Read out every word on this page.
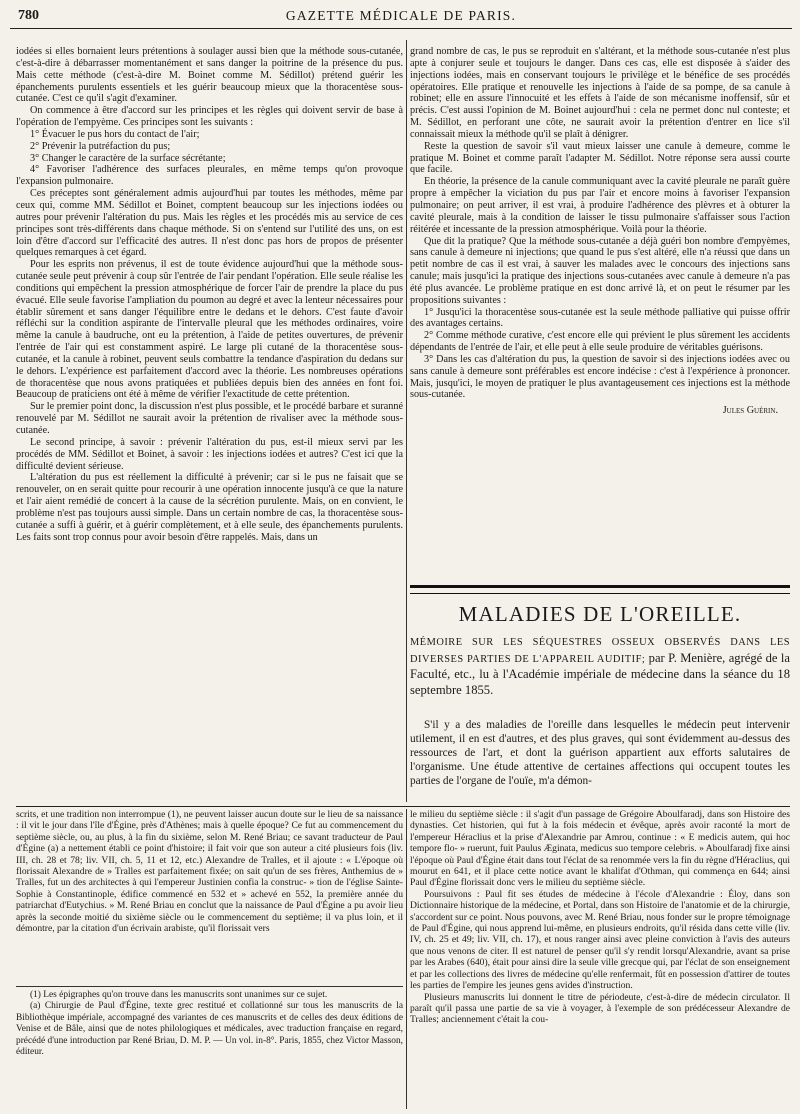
780	GAZETTE MÉDICALE DE PARIS.

iodées si elles bornaient leurs prétentions à soulager aussi bien que la méthode sous-cutanée, c'est-à-dire à débarrasser momentanément et sans danger la poitrine de la présence du pus. Mais cette méthode (c'est-à-dire M. Boinet comme M. Sédillot) prétend guérir les épanchements purulents essentiels et les guérir beaucoup mieux que la thoracentèse sous-cutanée. C'est ce qu'il s'agit d'examiner.

On commence à être d'accord sur les principes et les règles qui doivent servir de base à l'opération de l'empyème. Ces principes sont les suivants :

1° Évacuer le pus hors du contact de l'air;

2° Prévenir la putréfaction du pus;

3° Changer le caractère de la surface sécrétante;

4° Favoriser l'adhérence des surfaces pleurales, en même temps qu'on provoque l'expansion pulmonaire.

Ces préceptes sont généralement admis aujourd'hui par toutes les méthodes, même par ceux qui, comme MM. Sédillot et Boinet, comptent beaucoup sur les injections iodées ou autres pour prévenir l'altération du pus. Mais les règles et les procédés mis au service de ces principes sont très-différents dans chaque méthode. Si on s'entend sur l'utilité des uns, on est loin d'être d'accord sur l'efficacité des autres. Il n'est donc pas hors de propos de présenter quelques remarques à cet égard.

Pour les esprits non prévenus, il est de toute évidence aujourd'hui que la méthode sous-cutanée seule peut prévenir à coup sûr l'entrée de l'air pendant l'opération. Elle seule réalise les conditions qui empêchent la pression atmosphérique de forcer l'air de prendre la place du pus évacué. Elle seule favorise l'ampliation du poumon au degré et avec la lenteur nécessaires pour établir sûrement et sans danger l'équilibre entre le dedans et le dehors. C'est faute d'avoir réfléchi sur la condition aspirante de l'intervalle pleural que les méthodes ordinaires, voire même la canule à baudruche, ont eu la prétention, à l'aide de petites ouvertures, de prévenir l'entrée de l'air qui est constamment aspiré. Le large pli cutané de la thoracentèse sous-cutanée, et la canule à robinet, peuvent seuls combattre la tendance d'aspiration du dedans sur le dehors. L'expérience est parfaitement d'accord avec la théorie. Les nombreuses opérations de thoracentèse que nous avons pratiquées et publiées depuis bien des années en font foi. Beaucoup de praticiens ont été à même de vérifier l'exactitude de cette prétention.

Sur le premier point donc, la discussion n'est plus possible, et le procédé barbare et suranné renouvelé par M. Sédillot ne saurait avoir la prétention de rivaliser avec la méthode sous-cutanée.

Le second principe, à savoir : prévenir l'altération du pus, est-il mieux servi par les procédés de MM. Sédillot et Boinet, à savoir : les injections iodées et autres? C'est ici que la difficulté devient sérieuse.

L'altération du pus est réellement la difficulté à prévenir; car si le pus ne faisait que se renouveler, on en serait quitte pour recourir à une opération innocente jusqu'à ce que la nature et l'air aient remédié de concert à la cause de la sécrétion purulente. Mais, on en convient, le problème n'est pas toujours aussi simple. Dans un certain nombre de cas, la thoracentèse sous-cutanée a suffi à guérir, et à guérir complètement, et à elle seule, des épanchements purulents. Les faits sont trop connus pour avoir besoin d'être rappelés. Mais, dans un

grand nombre de cas, le pus se reproduit en s'altérant, et la méthode sous-cutanée n'est plus apte à conjurer seule et toujours le danger. Dans ces cas, elle est disposée à s'aider des injections iodées, mais en conservant toujours le privilège et le bénéfice de ses procédés opératoires. Elle pratique et renouvelle les injections à l'aide de sa pompe, de sa canule à robinet; elle en assure l'innocuité et les effets à l'aide de son mécanisme inoffensif, sûr et précis. C'est aussi l'opinion de M. Boinet aujourd'hui : cela ne permet donc nul conteste; et M. Sédillot, en perforant une côte, ne saurait avoir la prétention d'entrer en lice s'il connaissait mieux la méthode qu'il se plaît à dénigrer.

Reste la question de savoir s'il vaut mieux laisser une canule à demeure, comme le pratique M. Boinet et comme paraît l'adapter M. Sédillot. Notre réponse sera aussi courte que facile.

En théorie, la présence de la canule communiquant avec la cavité pleurale ne paraît guère propre à empêcher la viciation du pus par l'air et encore moins à favoriser l'expansion pulmonaire; on peut arriver, il est vrai, à produire l'adhérence des plèvres et à obturer la cavité pleurale, mais à la condition de laisser le tissu pulmonaire s'affaisser sous l'action réitérée et incessante de la pression atmosphérique. Voilà pour la théorie.

Que dit la pratique? Que la méthode sous-cutanée a déjà guéri bon nombre d'empyèmes, sans canule à demeure ni injections; que quand le pus s'est altéré, elle n'a réussi que dans un petit nombre de cas il est vrai, à sauver les malades avec le concours des injections sans canule; mais jusqu'ici la pratique des injections sous-cutanées avec canule à demeure n'a pas été plus avancée. Le problème pratique en est donc arrivé là, et on peut le résumer par les propositions suivantes :

1° Jusqu'ici la thoracentèse sous-cutanée est la seule méthode palliative qui puisse offrir des avantages certains.

2° Comme méthode curative, c'est encore elle qui prévient le plus sûrement les accidents dépendants de l'entrée de l'air, et elle peut à elle seule produire de véritables guérisons.

3° Dans les cas d'altération du pus, la question de savoir si des injections iodées avec ou sans canule à demeure sont préférables est encore indécise : c'est à l'expérience à prononcer. Mais, jusqu'ici, le moyen de pratiquer le plus avantageusement ces injections est la méthode sous-cutanée.

Jules Guérin.
MALADIES DE L'OREILLE.
MÉMOIRE SUR LES SÉQUESTRES OSSEUX OBSERVÉS DANS LES DIVERSES PARTIES DE L'APPAREIL AUDITIF; par P. Menière, agrégé de la Faculté, etc., lu à l'Académie impériale de médecine dans la séance du 18 septembre 1855.

S'il y a des maladies de l'oreille dans lesquelles le médecin peut intervenir utilement, il en est d'autres, et des plus graves, qui sont évidemment au-dessus des ressources de l'art, et dont la guérison appartient aux efforts salutaires de l'organisme. Une étude attentive de certaines affections qui occupent toutes les parties de l'organe de l'ouïe, m'a démon-

scrits, et une tradition non interrompue (1), ne peuvent laisser aucun doute sur le lieu de sa naissance : il vit le jour dans l'île d'Égine, près d'Athènes; mais à quelle époque? Ce fut au commencement du septième siècle, ou, au plus, à la fin du sixième, selon M. René Briau; ce savant traducteur de Paul d'Égine (a) a nettement établi ce point d'histoire; il fait voir que son auteur a cité plusieurs fois (liv. III, ch. 28 et 78; liv. VII, ch. 5, 11 et 12, etc.) Alexandre de Tralles, et il ajoute : « L'époque où florissait Alexandre de » Tralles est parfaitement fixée; on sait qu'un de ses frères, Anthemius de » Tralles, fut un des architectes à qui l'empereur Justinien confia la construc- » tion de l'église Sainte-Sophie à Constantinople, édifice commencé en 532 et » achevé en 552, la première année du patriarchat d'Eutychius. » M. René Briau en conclut que la naissance de Paul d'Égine a pu avoir lieu après la seconde moitié du sixième siècle ou le commencement du septième; il va plus loin, et il démontre, par la citation d'un écrivain arabiste, qu'il florissait vers

(1) Les épigraphes qu'on trouve dans les manuscrits sont unanimes sur ce sujet.

(a) Chirurgie de Paul d'Égine, texte grec restitué et collationné sur tous les manuscrits de la Bibliothèque impériale, accompagné des variantes de ces manuscrits et de celles des deux éditions de Venise et de Bâle, ainsi que de notes philologiques et médicales, avec traduction française en regard, précédé d'une introduction par René Briau, D. M. P. — Un vol. in-8°. Paris, 1855, chez Victor Masson, éditeur.

le milieu du septième siècle : il s'agit d'un passage de Grégoire Aboulfaradj, dans son Histoire des dynasties. Cet historien, qui fut à la fois médecin et évêque, après avoir raconté la mort de l'empereur Héraclius et la prise d'Alexandrie par Amrou, continue : « E medicis autem, qui hoc tempore flo- » ruerunt, fuit Paulus Æginata, medicus suo tempore celebris. » Aboulfaradj fixe ainsi l'époque où Paul d'Égine était dans tout l'éclat de sa renommée vers la fin du règne d'Héraclius, qui mourut en 641, et il place cette notice avant le khalifat d'Othman, qui commença en 644; ainsi Paul d'Égine florissait donc vers le milieu du septième siècle.

Poursuivons : Paul fit ses études de médecine à l'école d'Alexandrie : Éloy, dans son Dictionnaire historique de la médecine, et Portal, dans son Histoire de l'anatomie et de la chirurgie, s'accordent sur ce point. Nous pouvons, avec M. René Briau, nous fonder sur le propre témoignage de Paul d'Égine, qui nous apprend lui-même, en plusieurs endroits, qu'il résida dans cette ville (liv. IV, ch. 25 et 49; liv. VII, ch. 17), et nous ranger ainsi avec pleine conviction à l'avis des auteurs que nous venons de citer. Il est naturel de penser qu'il s'y rendit lorsqu'Alexandrie, avant sa prise par les Arabes (640), était pour ainsi dire la seule ville grecque qui, par l'éclat de son enseignement et par les collections des livres de médecine qu'elle renfermait, fût en possession d'attirer de toutes les parties de l'empire les jeunes gens avides d'instruction.

Plusieurs manuscrits lui donnent le titre de périodeute, c'est-à-dire de médecin circulator. Il paraît qu'il passa une partie de sa vie à voyager, à l'exemple de son prédécesseur Alexandre de Tralles; anciennement c'était la cou-
